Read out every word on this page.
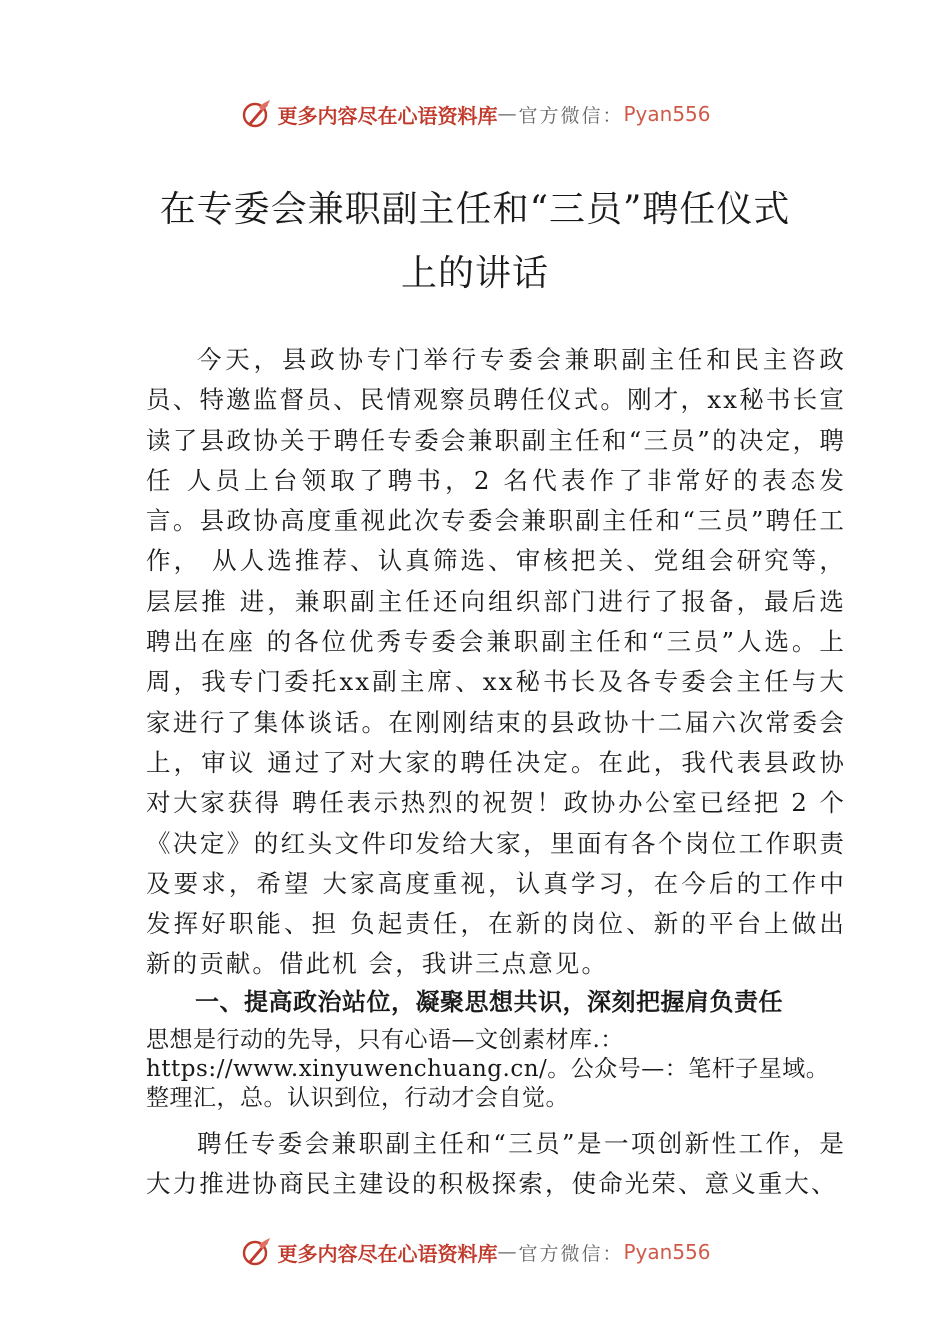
更多内容尽在心语资料库 — 官方微信： Pyan556
在专委会兼职副主任和“三员”聘任仪式
上的讲话
今天，县政协专门举行专委会兼职副主任和民主咨政员、特邀监督员、民情观察员聘任仪式。刚才，xx秘书长宣读了县政协关于聘任专委会兼职副主任和“三员”的决定，聘任 人员上台领取了聘书，2 名代表作了非常好的表态发言。县政协高度重视此次专委会兼职副主任和“三员”聘任工作， 从人选推荐、认真筛选、审核把关、党组会研究等，层层推 进，兼职副主任还向组织部门进行了报备，最后选聘出在座 的各位优秀专委会兼职副主任和“三员”人选。上周，我专门委托xx副主席、xx秘书长及各专委会主任与大家进行了集体谈话。在刚刚结束的县政协十二届六次常委会上，审议 通过了对大家的聘任决定。在此，我代表县政协对大家获得 聘任表示热烈的祝贺！政协办公室已经把 2 个《决定》的红头文件印发给大家，里面有各个岗位工作职责及要求，希望 大家高度重视，认真学习，在今后的工作中发挥好职能、担 负起责任，在新的岗位、新的平台上做出新的贡献。借此机 会，我讲三点意见。
一、提高政治站位，凝聚思想共识，深刻把握肩负责任
思想是行动的先导，只有心语—文创素材库.：https://www.xinyuwenchuang.cn/。公众号—：笔杆子星域。整理汇，总。认识到位，行动才会自觉。
聘任专委会兼职副主任和“三员”是一项创新性工作，是大力推进协商民主建设的积极探索，使命光荣、意义重大、
更多内容尽在心语资料库 — 官方微信： Pyan556
